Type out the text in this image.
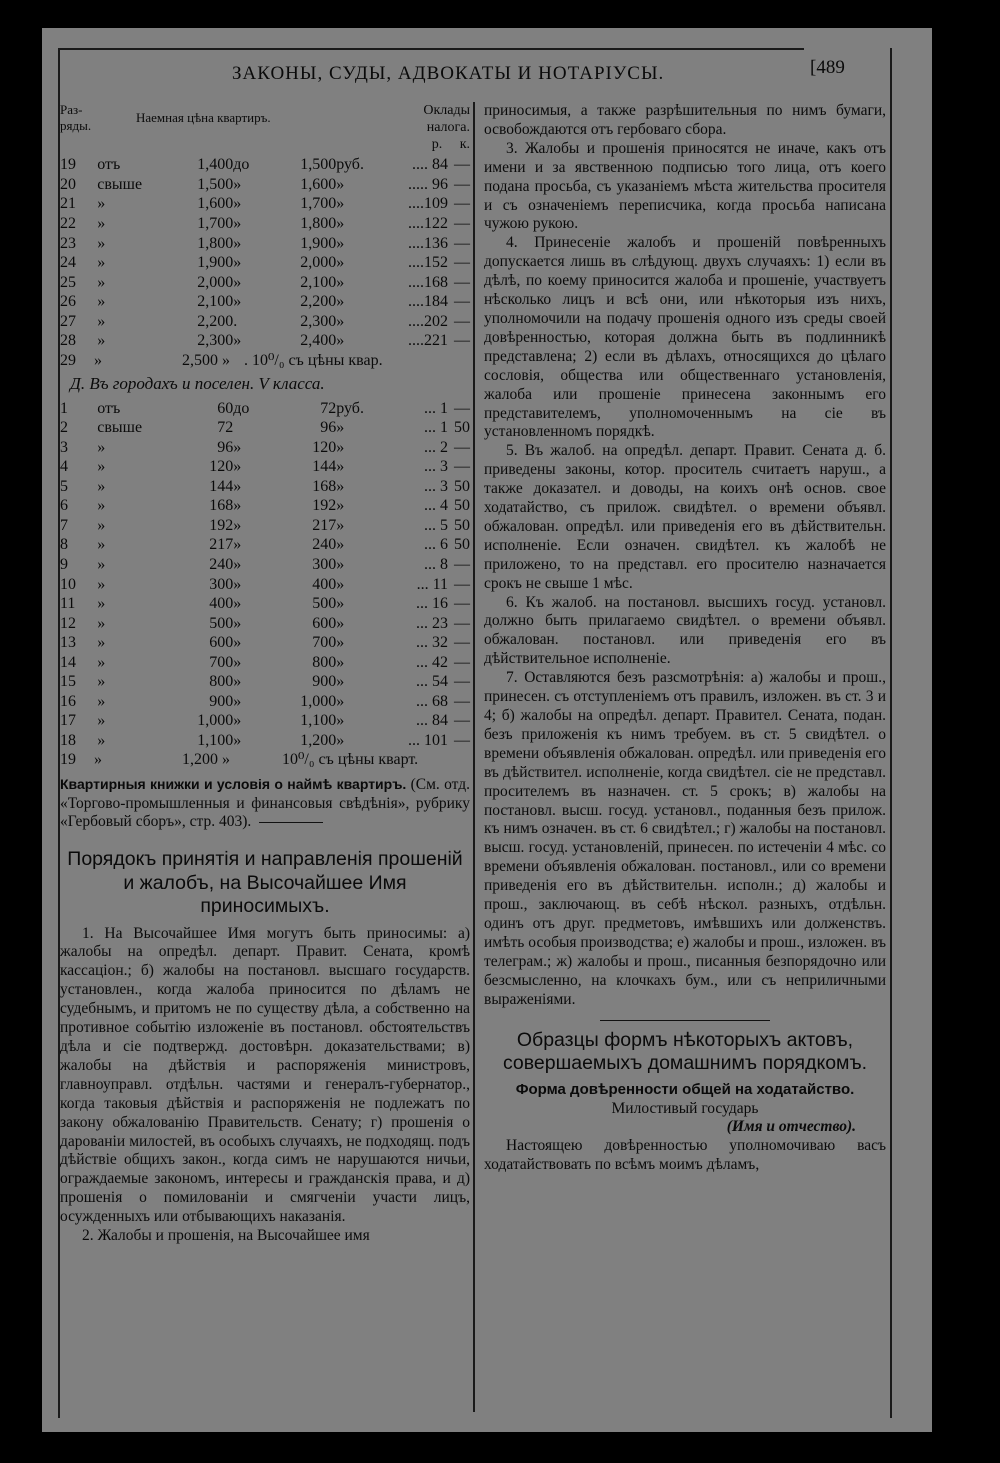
ЗАКОНЫ, СУДЫ, АДВОКАТЫ И НОТАРІУСЫ.	[489
Раз-
ряды.	Наемная цѣна квартиръ.	Оклады
налога.
		р.     к.
19	отъ	1,400	до	1,500	руб.	.... 84	—
20	свыше	1,500	»	1,600	»	..... 96	—
21	»	1,600	»	1,700	»	....109	—
22	»	1,700	»	1,800	»	....122	—
23	»	1,800	»	1,900	»	....136	—
24	»	1,900	»	2,000	»	....152	—
25	»	2,000	»	2,100	»	....168	—
26	»	2,100	»	2,200	»	....184	—
27	»	2,200	.	2,300	»	....202	—
28	»	2,300	»	2,400	»	....221	—
29 »	2,500 » . 10⁰/₀ съ цѣны квар.
Д. Въ городахъ и поселен. V класса.
1	отъ	60	до	72	руб.	... 1	—
2	свыше	72		96	»	... 1	50
3	»	96	»	120	»	... 2	—
4	»	120	»	144	»	... 3	—
5	»	144	»	168	»	... 3	50
6	»	168	»	192	»	... 4	50
7	»	192	»	217	»	... 5	50
8	»	217	»	240	»	... 6	50
9	»	240	»	300	»	... 8	—
10	»	300	»	400	»	... 11	—
11	»	400	»	500	»	... 16	—
12	»	500	»	600	»	... 23	—
13	»	600	»	700	»	... 32	—
14	»	700	»	800	»	... 42	—
15	»	800	»	900	»	... 54	—
16	»	900	»	1,000	»	... 68	—
17	»	1,000	»	1,100	»	... 84	—
18	»	1,100	»	1,200	»	... 101	—
19 »	1,200 »	10⁰/₀ съ цѣны кварт.

Квартирныя книжки и условія о наймѣ квартиръ. (См. отд. «Торгово-промышленныя и финансовыя свѣдѣнія», рубрику «Гербовый сборъ», стр. 403).

Порядокъ принятія и направленія прошеній и жалобъ, на Высочайшее Имя приносимыхъ.

1. На Высочайшее Имя могутъ быть приносимы: а) жалобы на опредѣл. департ. Правит. Сената, кромѣ кассаціон.; б) жалобы на постановл. высшаго государств. установлен., когда жалоба приносится по дѣламъ не судебнымъ, и притомъ не по существу дѣла, а собственно на противное событію изложеніе въ постановл. обстоятельствъ дѣла и сіе подтвержд. достовѣрн. доказательствами; в) жалобы на дѣйствія и распоряженія министровъ, главноуправл. отдѣльн. частями и генералъ-губернатор., когда таковыя дѣйствія и распоряженія не подлежатъ по закону обжалованію Правительств. Сенату; г) прошенія о дарованіи милостей, въ особыхъ случаяхъ, не подходящ. подъ дѣйствіе общихъ закон., когда симъ не нарушаются ничьи, ограждаемые закономъ, интересы и гражданскія права, и д) прошенія о помилованіи и смягченіи участи лицъ, осужденныхъ или отбывающихъ наказанія.

2. Жалобы и прошенія, на Высочайшее имя

приносимыя, а также разрѣшительныя по нимъ бумаги, освобождаются отъ гербоваго сбора.

3. Жалобы и прошенія приносятся не иначе, какъ отъ имени и за явственною подписью того лица, отъ коего подана просьба, съ указаніемъ мѣста жительства просителя и съ означеніемъ переписчика, когда просьба написана чужою рукою.

4. Принесеніе жалобъ и прошеній повѣренныхъ допускается лишь въ слѣдующ. двухъ случаяхъ: 1) если въ дѣлѣ, по коему приносится жалоба и прошеніе, участвуетъ нѣсколько лицъ и всѣ они, или нѣкоторыя изъ нихъ, уполномочили на подачу прошенія одного изъ среды своей довѣренностью, которая должна быть въ подлинникѣ представлена; 2) если въ дѣлахъ, относящихся до цѣлаго сословія, общества или общественнаго установленія, жалоба или прошеніе принесена законнымъ его представителемъ, уполномоченнымъ на сіе въ установленномъ порядкѣ.

5. Въ жалоб. на опредѣл. департ. Правит. Сената д. б. приведены законы, котор. проситель считаетъ наруш., а также доказател. и доводы, на коихъ онѣ основ. свое ходатайство, съ прилож. свидѣтел. о времени объявл. обжалован. опредѣл. или приведенія его въ дѣйствительн. исполненіе. Если означен. свидѣтел. къ жалобѣ не приложено, то на представл. его просителю назначается срокъ не свыше 1 мѣс.

6. Къ жалоб. на постановл. высшихъ госуд. установл. должно быть прилагаемо свидѣтел. о времени объявл. обжалован. постановл. или приведенія его въ дѣйствительное исполненіе.

7. Оставляются безъ разсмотрѣнія: а) жалобы и прош., принесен. съ отступленіемъ отъ правилъ, изложен. въ ст. 3 и 4; б) жалобы на опредѣл. департ. Правител. Сената, подан. безъ приложенія къ нимъ требуем. въ ст. 5 свидѣтел. о времени объявленія обжалован. опредѣл. или приведенія его въ дѣйствител. исполненіе, когда свидѣтел. сіе не представл. просителемъ въ назначен. ст. 5 срокъ; в) жалобы на постановл. высш. госуд. установл., поданныя безъ прилож. къ нимъ означен. въ ст. 6 свидѣтел.; г) жалобы на постановл. высш. госуд. установленій, принесен. по истеченіи 4 мѣс. со времени объявленія обжалован. постановл., или со времени приведенія его въ дѣйствительн. исполн.; д) жалобы и прош., заключающ. въ себѣ нѣскол. разныхъ, отдѣльн. одинъ отъ друг. предметовъ, имѣвшихъ или долженствъ. имѣть особыя производства; е) жалобы и прош., изложен. въ телеграм.; ж) жалобы и прош., писанныя безпорядочно или безсмысленно, на клочкахъ бум., или съ неприличными выраженіями.

Образцы формъ нѣкоторыхъ актовъ, совершаемыхъ домашнимъ порядкомъ.
Форма довѣренности общей на ходатайство.
Милостивый государь
(Имя и отчество).

Настоящею довѣренностью уполномочиваю васъ ходатайствовать по всѣмъ моимъ дѣламъ,
